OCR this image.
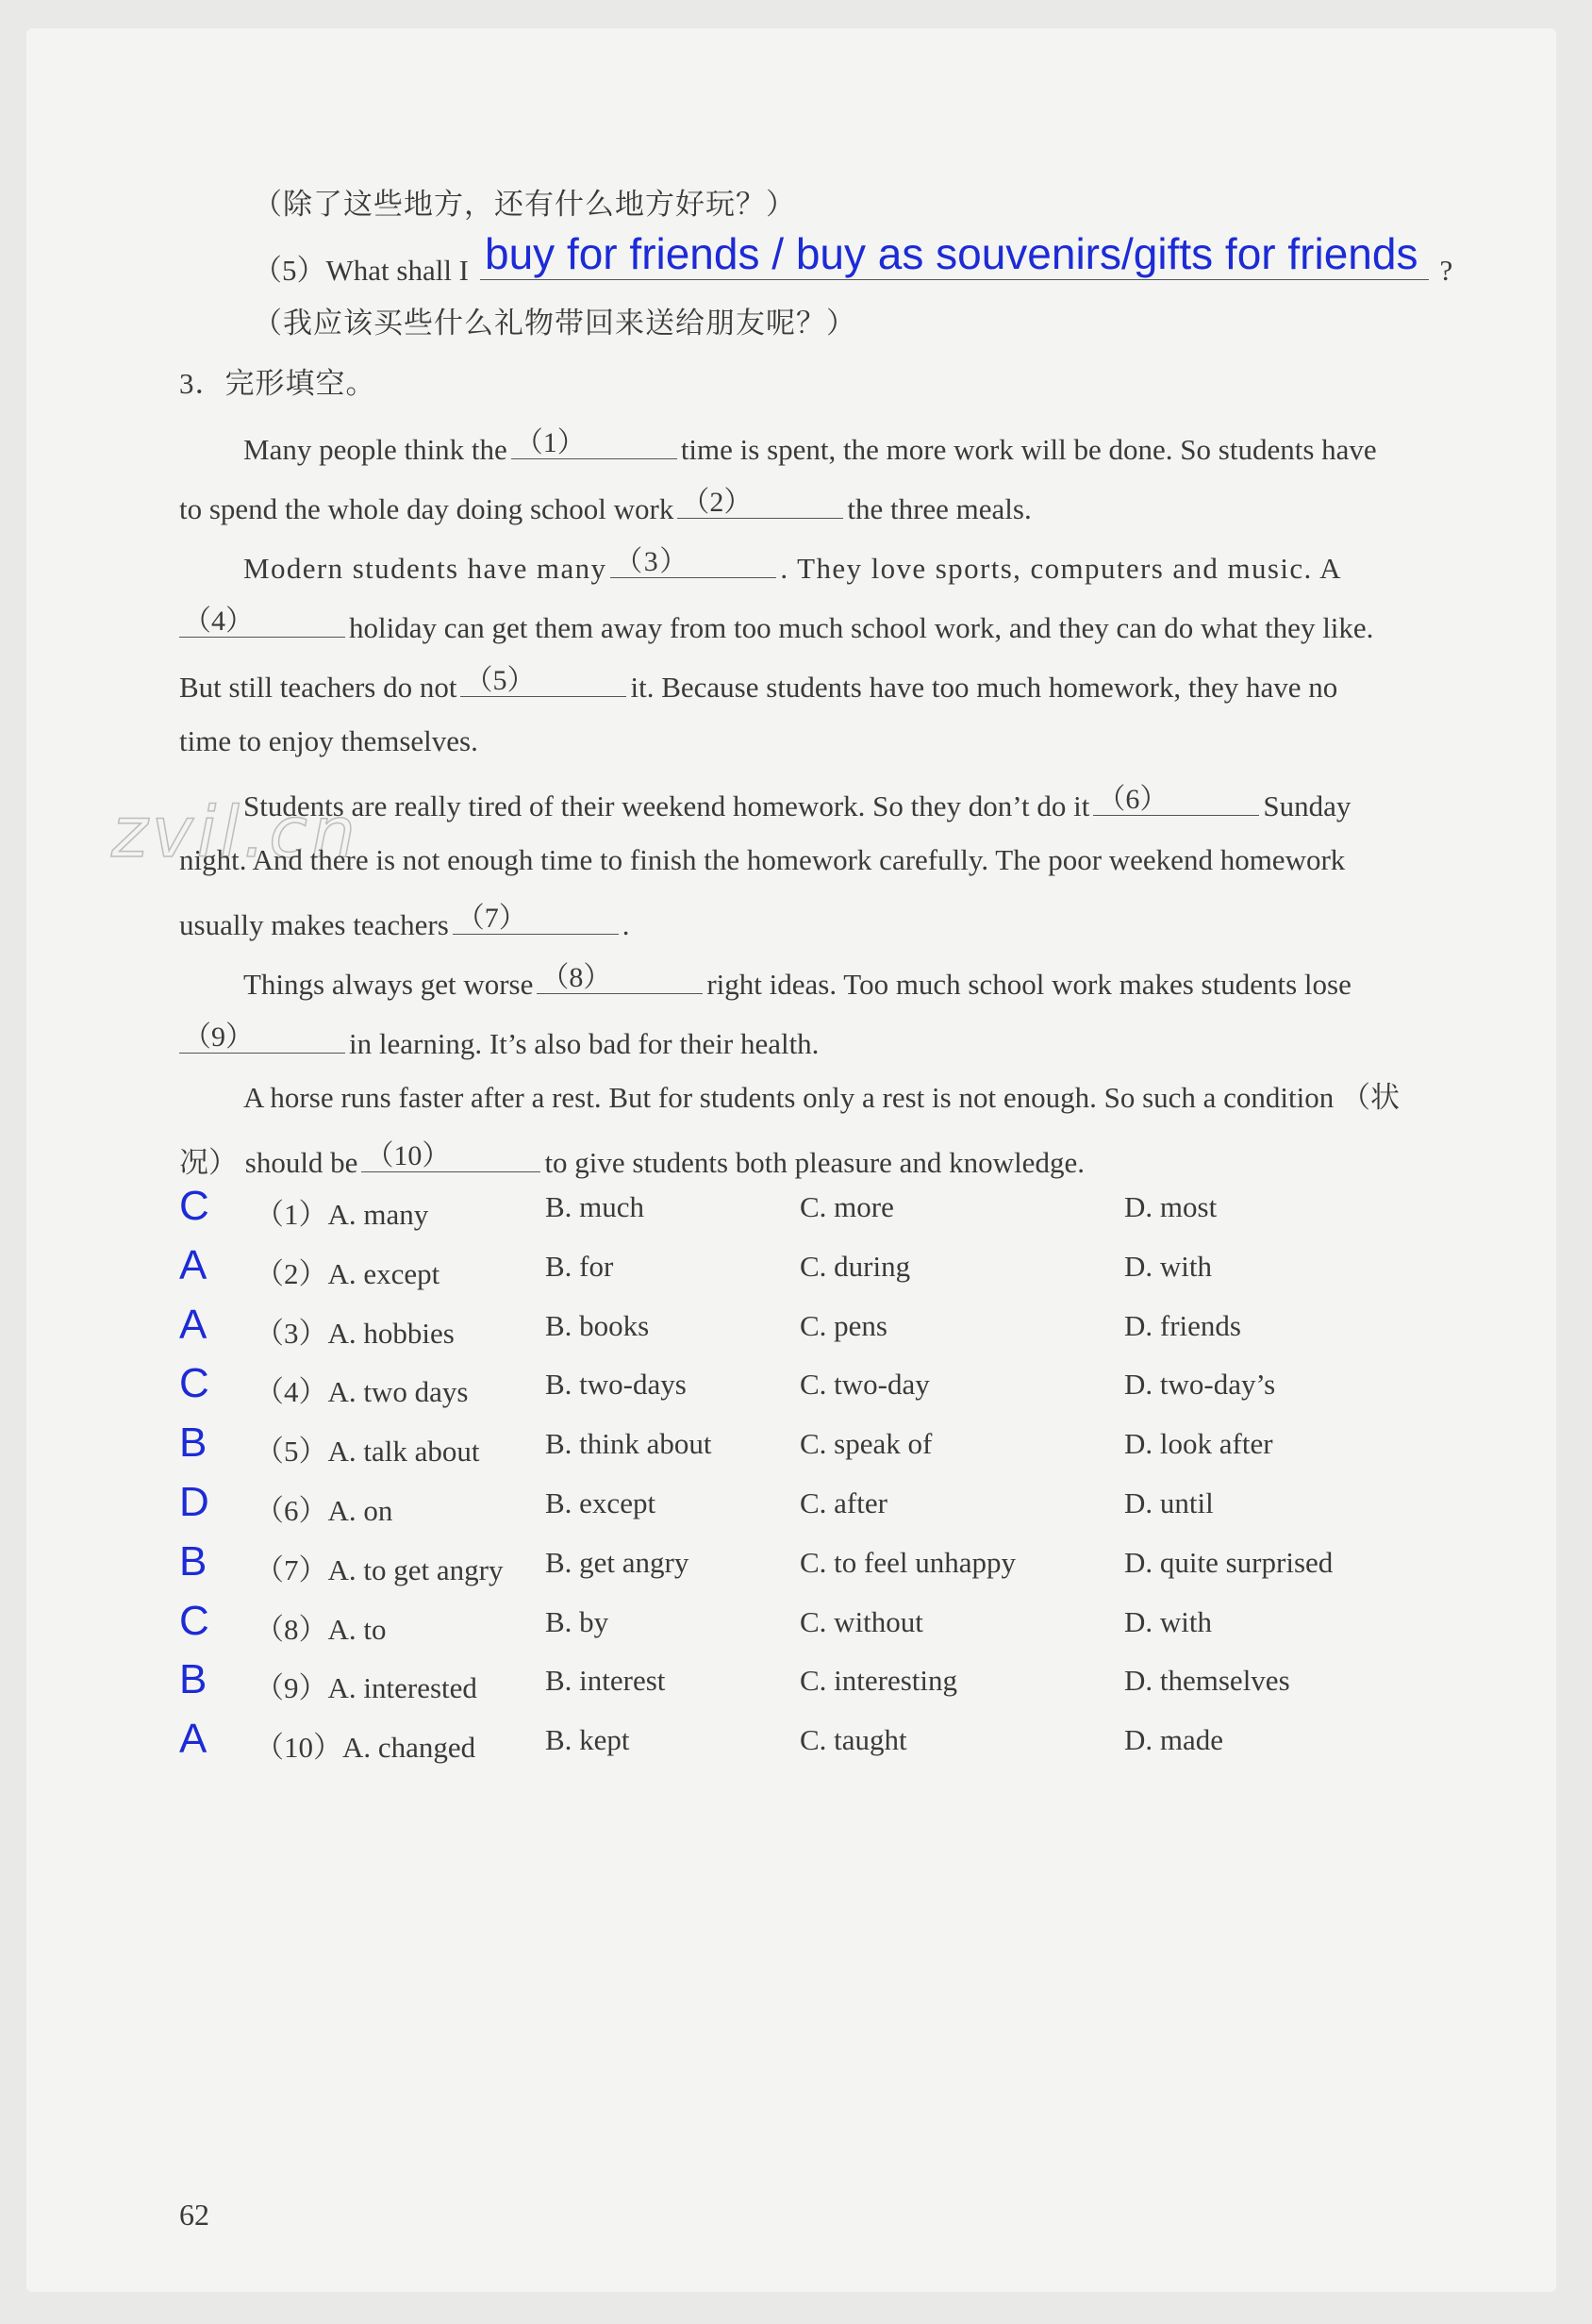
zvil.cn
（除了这些地方，还有什么地方好玩？）
（5）What shall I	?
buy for friends / buy as souvenirs/gifts for friends
（我应该买些什么礼物带回来送给朋友呢？）
3．完形填空。
Many people think the （1）	time is spent, the more work will be done. So students have
to spend the whole day doing school work （2）	the three meals.
Modern students have many （3）	. They love sports, computers and music. A
（4）	holiday can get them away from too much school work, and they can do what they like.
But still teachers do not （5）	it. Because students have too much homework, they have no
time to enjoy themselves.
Students are really tired of their weekend homework. So they don’t do it （6）	Sunday
night. And there is not enough time to finish the homework carefully. The poor weekend homework
usually makes teachers （7）	.
Things always get worse （8）	right ideas. Too much school work makes students lose
（9）	in learning. It’s also bad for their health.
A horse runs faster after a rest. But for students only a rest is not enough. So such a condition （状
况） should be （10）	to give students both pleasure and knowledge.
C （1）A. many	B. much	C. more	D. most
A （2）A. except	B. for	C. during	D. with
A （3）A. hobbies	B. books	C. pens	D. friends
C （4）A. two days	B. two-days	C. two-day	D. two-day’s
B （5）A. talk about B. think about	C. speak of	D. look after
D （6）A. on	B. except	C. after	D. until
B （7）A. to get angry B. get angry	C. to feel unhappy	D. quite surprised
C （8）A. to	B. by	C. without	D. with
B （9）A. interested B. interest	C. interesting	D. themselves
A （10）A. changed B. kept	C. taught	D. made
62
